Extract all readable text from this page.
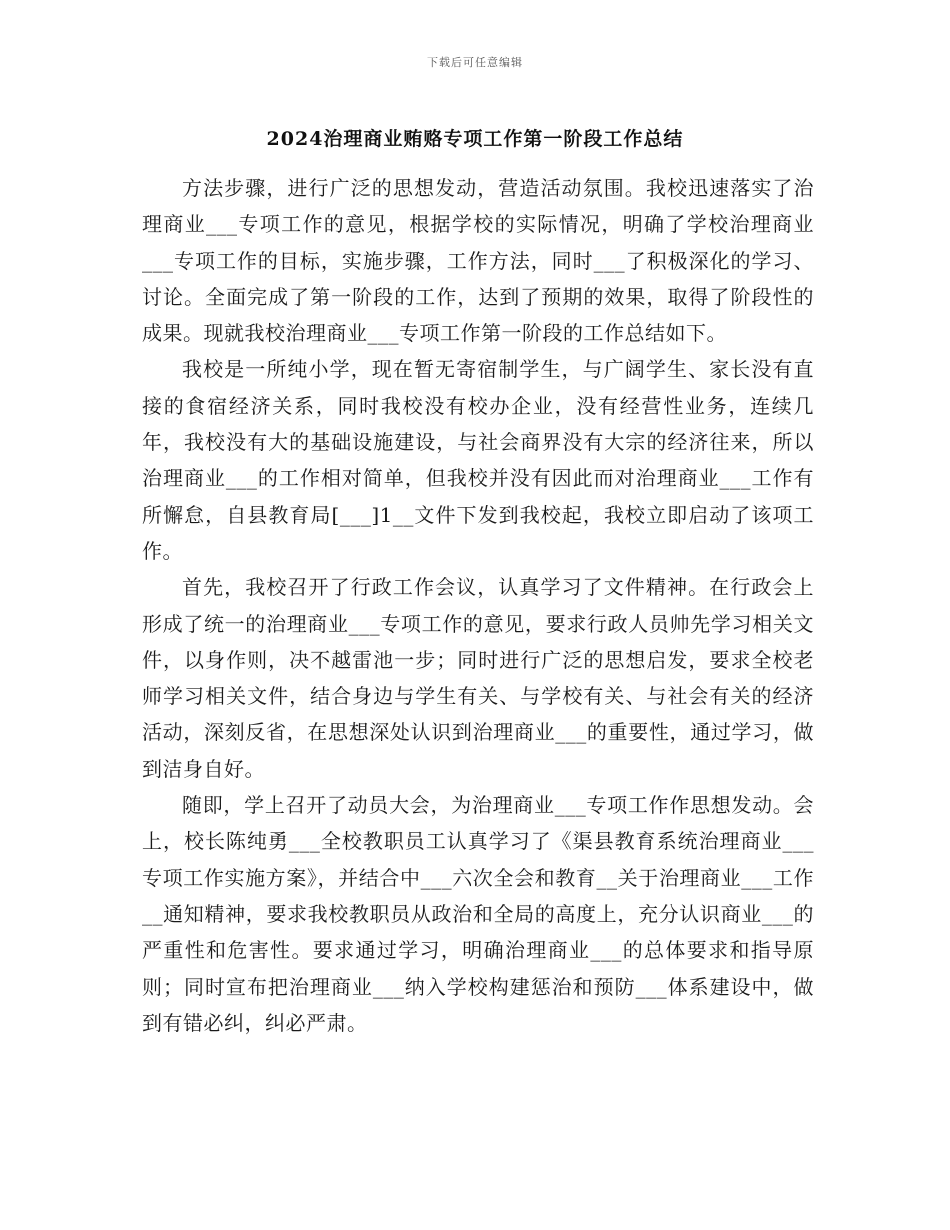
下载后可任意编辑
2024治理商业贿赂专项工作第一阶段工作总结

方法步骤，进行广泛的思想发动，营造活动氛围。我校迅速落实了治理商业___专项工作的意见，根据学校的实际情况，明确了学校治理商业___专项工作的目标，实施步骤，工作方法，同时___了积极深化的学习、讨论。全面完成了第一阶段的工作，达到了预期的效果，取得了阶段性的成果。现就我校治理商业___专项工作第一阶段的工作总结如下。

我校是一所纯小学，现在暂无寄宿制学生，与广阔学生、家长没有直接的食宿经济关系，同时我校没有校办企业，没有经营性业务，连续几年，我校没有大的基础设施建设，与社会商界没有大宗的经济往来，所以治理商业___的工作相对简单，但我校并没有因此而对治理商业___工作有所懈怠，自县教育局[___]1__文件下发到我校起，我校立即启动了该项工作。

首先，我校召开了行政工作会议，认真学习了文件精神。在行政会上形成了统一的治理商业___专项工作的意见，要求行政人员帅先学习相关文件，以身作则，决不越雷池一步；同时进行广泛的思想启发，要求全校老师学习相关文件，结合身边与学生有关、与学校有关、与社会有关的经济活动，深刻反省，在思想深处认识到治理商业___的重要性，通过学习，做到洁身自好。

随即，学上召开了动员大会，为治理商业___专项工作作思想发动。会上，校长陈纯勇___全校教职员工认真学习了《渠县教育系统治理商业___专项工作实施方案》，并结合中___六次全会和教育__关于治理商业___工作__通知精神，要求我校教职员从政治和全局的高度上，充分认识商业___的严重性和危害性。要求通过学习，明确治理商业___的总体要求和指导原则；同时宣布把治理商业___纳入学校构建惩治和预防___体系建设中，做到有错必纠，纠必严肃。
